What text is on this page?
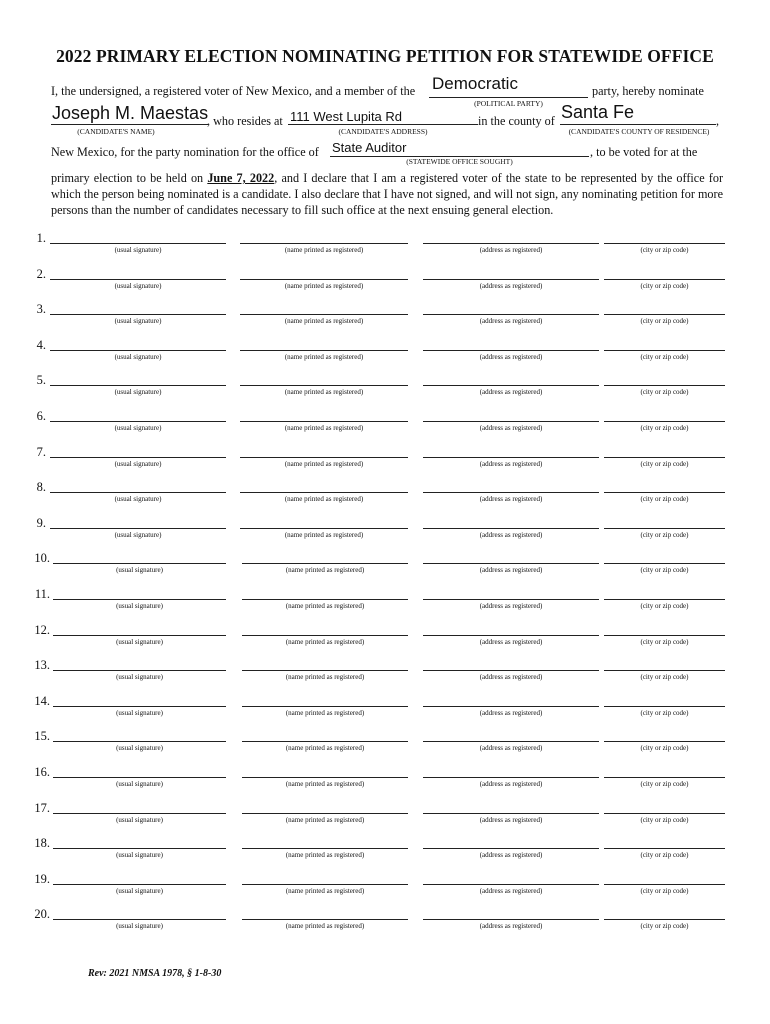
2022 PRIMARY ELECTION NOMINATING PETITION FOR STATEWIDE OFFICE
I, the undersigned, a registered voter of New Mexico, and a member of the Democratic	party, hereby nominate
(POLITICAL PARTY)
Joseph M. Maestas
, who resides at 111 West Lupita Rd	in the county of Santa Fe	,
(CANDIDATE'S NAME)	(CANDIDATE'S ADDRESS)	(CANDIDATE'S COUNTY OF RESIDENCE)
New Mexico, for the party nomination for the office of State Auditor	, to be voted for at the
(STATEWIDE OFFICE SOUGHT)
primary election to be held on June 7, 2022, and I declare that I am a registered voter of the state to be represented by the office for which the person being nominated is a candidate. I also declare that I have not signed, and will not sign, any nominating petition for more persons than the number of candidates necessary to fill such office at the next ensuing general election.
1.
(usual signature)	(name printed as registered)	(address as registered)	(city or zip code)
2.
(usual signature)	(name printed as registered)	(address as registered)	(city or zip code)
3.
(usual signature)	(name printed as registered)	(address as registered)	(city or zip code)
4.
(usual signature)	(name printed as registered)	(address as registered)	(city or zip code)
5.
(usual signature)	(name printed as registered)	(address as registered)	(city or zip code)
6.
(usual signature)	(name printed as registered)	(address as registered)	(city or zip code)
7.
(usual signature)	(name printed as registered)	(address as registered)	(city or zip code)
8.
(usual signature)	(name printed as registered)	(address as registered)	(city or zip code)
9.
(usual signature)	(name printed as registered)	(address as registered)	(city or zip code)
10.
(usual signature)	(name printed as registered)	(address as registered)	(city or zip code)
11.
(usual signature)	(name printed as registered)	(address as registered)	(city or zip code)
12.
(usual signature)	(name printed as registered)	(address as registered)	(city or zip code)
13.
(usual signature)	(name printed as registered)	(address as registered)	(city or zip code)
14.
(usual signature)	(name printed as registered)	(address as registered)	(city or zip code)
15.
(usual signature)	(name printed as registered)	(address as registered)	(city or zip code)
16.
(usual signature)	(name printed as registered)	(address as registered)	(city or zip code)
17.
(usual signature)	(name printed as registered)	(address as registered)	(city or zip code)
18.
(usual signature)	(name printed as registered)	(address as registered)	(city or zip code)
19.
(usual signature)	(name printed as registered)	(address as registered)	(city or zip code)
20.
(usual signature)	(name printed as registered)	(address as registered)	(city or zip code)
Rev: 2021 NMSA 1978, § 1-8-30
